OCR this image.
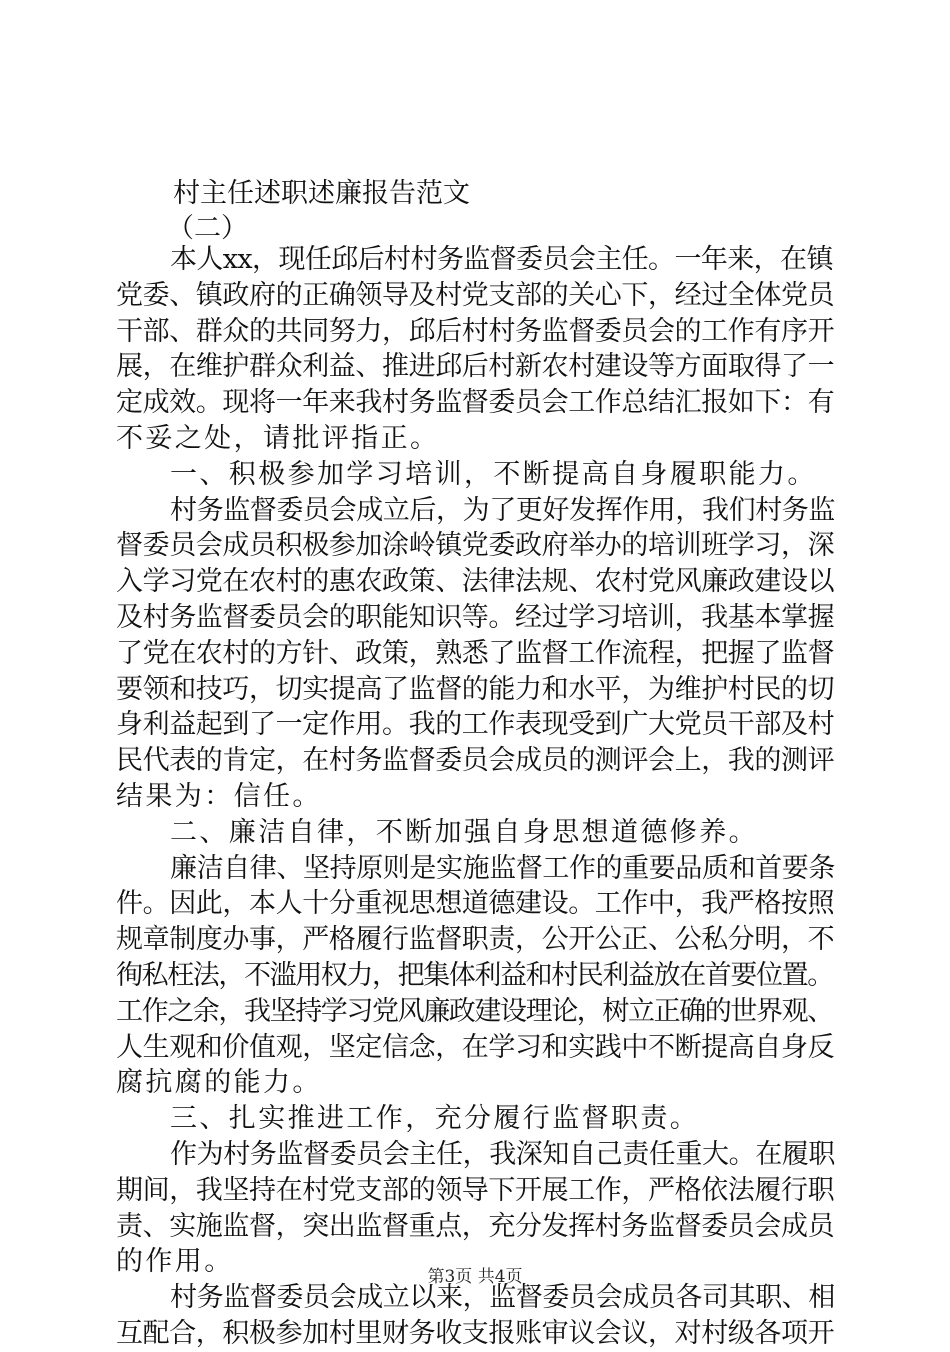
村主任述职述廉报告范文
（二）
本人xx，现任邱后村村务监督委员会主任。一年来，在镇
党委、镇政府的正确领导及村党支部的关心下，经过全体党员
干部、群众的共同努力，邱后村村务监督委员会的工作有序开
展，在维护群众利益、推进邱后村新农村建设等方面取得了一
定成效。现将一年来我村务监督委员会工作总结汇报如下：有
不妥之处，请批评指正。
一、积极参加学习培训，不断提高自身履职能力。
村务监督委员会成立后，为了更好发挥作用，我们村务监
督委员会成员积极参加涂岭镇党委政府举办的培训班学习，深
入学习党在农村的惠农政策、法律法规、农村党风廉政建设以
及村务监督委员会的职能知识等。经过学习培训，我基本掌握
了党在农村的方针、政策，熟悉了监督工作流程，把握了监督
要领和技巧，切实提高了监督的能力和水平，为维护村民的切
身利益起到了一定作用。我的工作表现受到广大党员干部及村
民代表的肯定，在村务监督委员会成员的测评会上，我的测评
结果为：信任。
二、廉洁自律，不断加强自身思想道德修养。
廉洁自律、坚持原则是实施监督工作的重要品质和首要条
件。因此，本人十分重视思想道德建设。工作中，我严格按照
规章制度办事，严格履行监督职责，公开公正、公私分明，不
徇私枉法，不滥用权力，把集体利益和村民利益放在首要位置。
工作之余，我坚持学习党风廉政建设理论，树立正确的世界观、
人生观和价值观，坚定信念，在学习和实践中不断提高自身反
腐抗腐的能力。
三、扎实推进工作，充分履行监督职责。
作为村务监督委员会主任，我深知自己责任重大。在履职
期间，我坚持在村党支部的领导下开展工作，严格依法履行职
责、实施监督，突出监督重点，充分发挥村务监督委员会成员
的作用。
村务监督委员会成立以来，监督委员会成员各司其职、相
互配合，积极参加村里财务收支报账审议会议，对村级各项开
第3页 共4页
